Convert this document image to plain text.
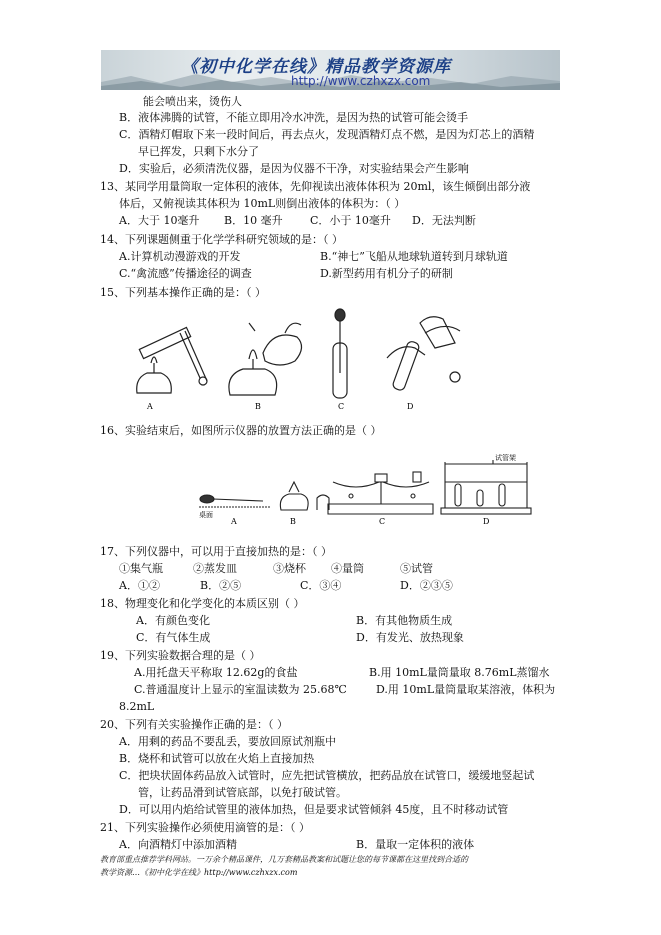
《初中化学在线》精品教学资源库
http://www.czhxzx.com
能会喷出来，烫伤人
B．液体沸腾的试管，不能立即用冷水冲洗，是因为热的试管可能会烫手
C．酒精灯帽取下来一段时间后，再去点火，发现酒精灯点不燃，是因为灯芯上的酒精
早已挥发，只剩下水分了
D．实验后，必须清洗仪器，是因为仪器不干净，对实验结果会产生影响
13、某同学用量筒取一定体积的液体，先仰视读出液体体积为 20ml，该生倾倒出部分液
体后，又俯视读其体积为 10mL则倒出液体的体积为：（ ）
A．大于 10毫升 B．10 毫升 C．小于 10毫升 D．无法判断
14、下列课题侧重于化学学科研究领域的是：（ ）
A.计算机动漫游戏的开发	B.“神七”飞船从地球轨道转到月球轨道
C.“禽流感”传播途径的调查	D.新型药用有机分子的研制
15、下列基本操作正确的是：（ ）
A	B	C	D
16、实验结束后，如图所示仪器的放置方法正确的是（ ）
桌面
试管架
A	B	C	D
17、下列仪器中，可以用于直接加热的是：（ ）
①集气瓶	②蒸发皿	③烧杯 ④量筒	⑤试管
A．①②	B．②⑤	C．③④	D．②③⑤
18、物理变化和化学变化的本质区别（ ）
A．有颜色变化	B．有其他物质生成
C．有气体生成	D．有发光、放热现象
19、下列实验数据合理的是（ ）
A.用托盘天平称取 12.62g的食盐	B.用 10mL量筒量取 8.76mL蒸馏水
C.普通温度计上显示的室温读数为 25.68℃	D.用 10mL量筒量取某溶液，体积为
8.2mL
20、下列有关实验操作正确的是：（ ）
A．用剩的药品不要乱丢，要放回原试剂瓶中
B．烧杯和试管可以放在火焰上直接加热
C．把块状固体药品放入试管时，应先把试管横放，把药品放在试管口，缓缓地竖起试
管，让药品滑到试管底部，以免打破试管。
D．可以用内焰给试管里的液体加热，但是要求试管倾斜 45度，且不时移动试管
21、下列实验操作必须使用滴管的是：（ ）
A．向酒精灯中添加酒精	B．量取一定体积的液体
教育部重点推荐学科网站。一万余个精品课件，几万套精品教案和试题让您的每节课都在这里找到合适的
教学资源…《初中化学在线》http://www.czhxzx.com
